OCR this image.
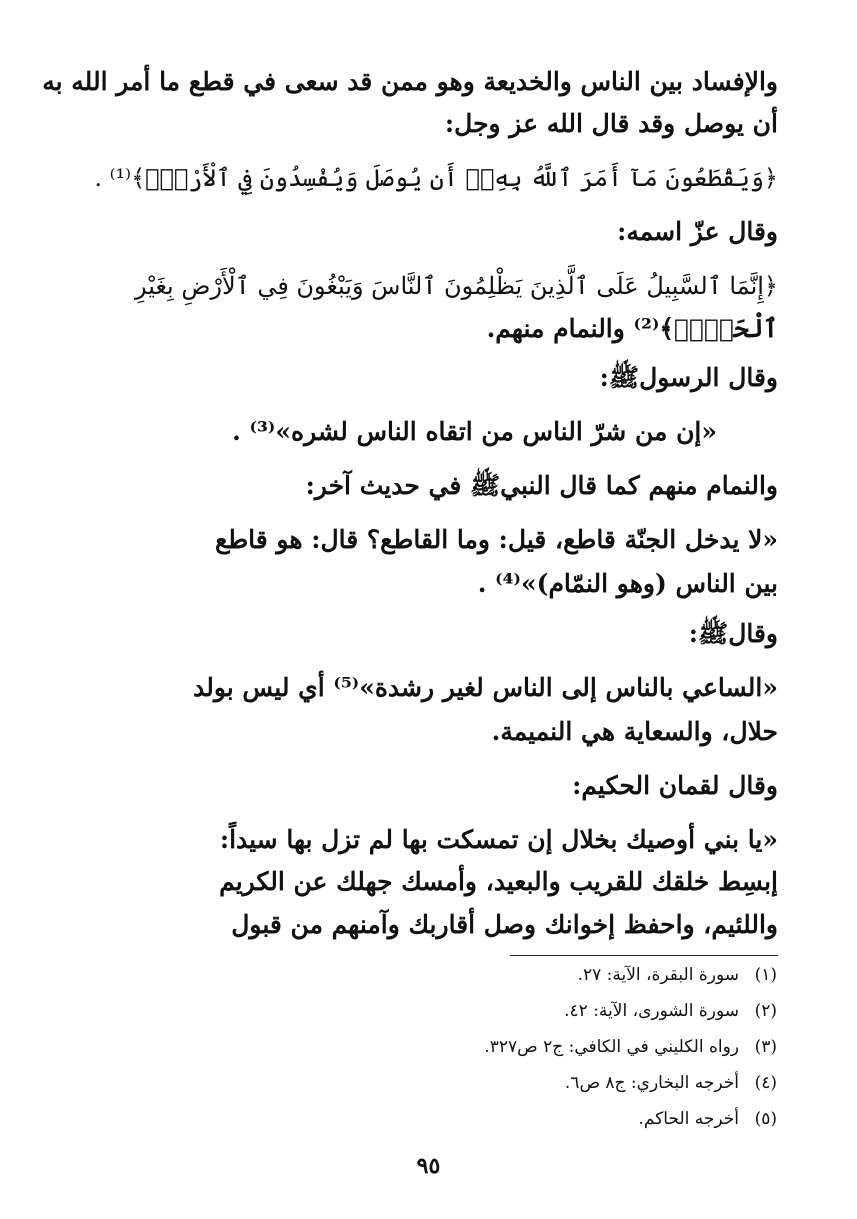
والإفساد بين الناس والخديعة وهو ممن قد سعى في قطع ما أمر الله به
أن يوصل وقد قال الله عز وجل:
﴿وَيَقْطَعُونَ مَآ أَمَرَ ٱللَّهُ بِهِۦٓ أَن يُوصَلَ وَيُفْسِدُونَ فِي ٱلْأَرْضِۚ﴾⁽¹⁾ .
وقال عزّ اسمه:
﴿إِنَّمَا ٱلسَّبِيلُ عَلَى ٱلَّذِينَ يَظْلِمُونَ ٱلنَّاسَ وَيَبْغُونَ فِي ٱلْأَرْضِ بِغَيْرِ
ٱلْحَقِّۚ﴾⁽²⁾ والنمام منهم.
وقال الرسولﷺ:
«إن من شرّ الناس من اتقاه الناس لشره»⁽³⁾ .
والنمام منهم كما قال النبيﷺ في حديث آخر:
«لا يدخل الجنّة قاطع، قيل: وما القاطع؟ قال: هو قاطع
بين الناس (وهو النمّام)»⁽⁴⁾ .
وقالﷺ:
«الساعي بالناس إلى الناس لغير رشدة»⁽⁵⁾ أي ليس بولد
حلال، والسعاية هي النميمة.
وقال لقمان الحكيم:
«يا بني أوصيك بخلال إن تمسكت بها لم تزل بها سيداً:
إبسِط خلقك للقريب والبعيد، وأمسك جهلك عن الكريم
واللئيم، واحفظ إخوانك وصل أقاربك وآمنهم من قبول
(١)سورة البقرة، الآية: ٢٧.
(٢)سورة الشورى، الآية: ٤٢.
(٣)رواه الكليني في الكافي: ج٢ ص٣٢٧.
(٤)أخرجه البخاري: ج٨ ص٦.
(٥)أخرجه الحاكم.
٩٥
